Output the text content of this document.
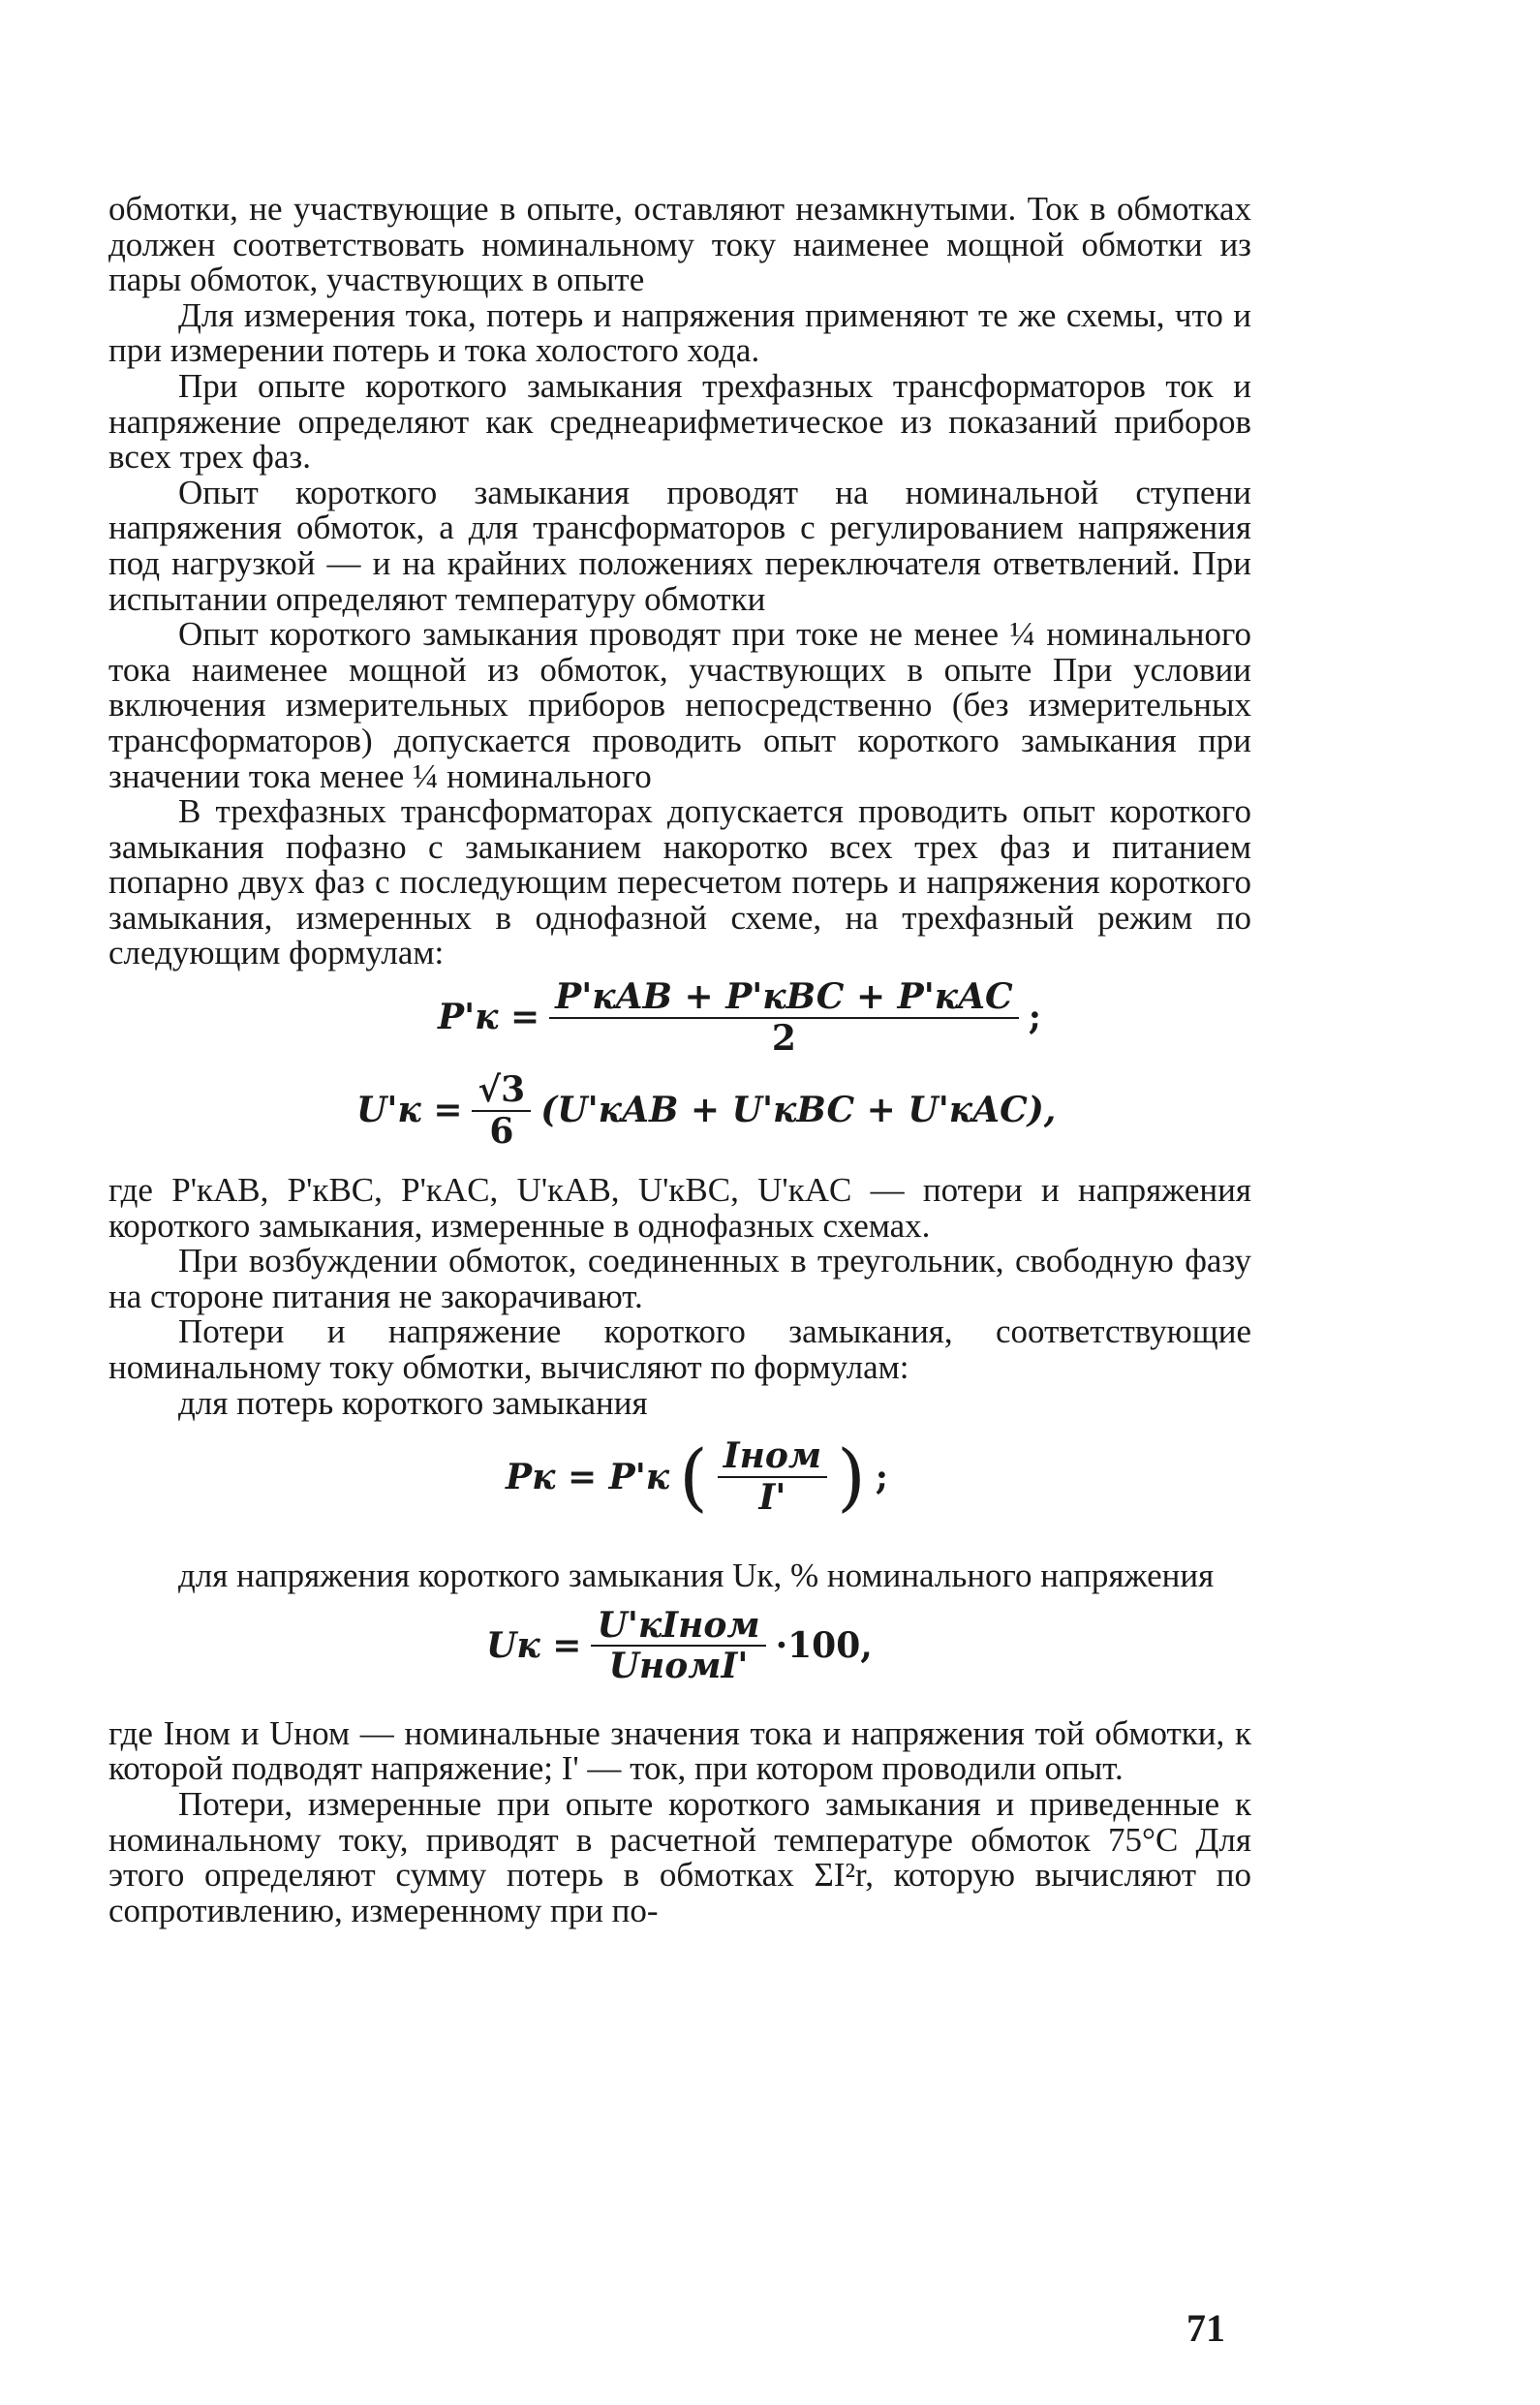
обмотки, не участвующие в опыте, оставляют незамкнутыми. Ток в обмотках должен соответствовать номинальному току наименее мощной обмотки из пары обмоток, участвующих в опыте

Для измерения тока, потерь и напряжения применяют те же схемы, что и при измерении потерь и тока холостого хода.

При опыте короткого замыкания трехфазных трансформаторов ток и напряжение определяют как среднеарифметическое из показаний приборов всех трех фаз.

Опыт короткого замыкания проводят на номинальной ступени напряжения обмоток, а для трансформаторов с регулированием напряжения под нагрузкой — и на крайних положениях переключателя ответвлений. При испытании определяют температуру обмотки

Опыт короткого замыкания проводят при токе не менее ¼ номинального тока наименее мощной из обмоток, участвующих в опыте При условии включения измерительных приборов непосредственно (без измерительных трансформаторов) допускается проводить опыт короткого замыкания при значении тока менее ¼ номинального

В трехфазных трансформаторах допускается проводить опыт короткого замыкания пофазно с замыканием накоротко всех трех фаз и питанием попарно двух фаз с последующим пересчетом потерь и напряжения короткого замыкания, измеренных в однофазной схеме, на трехфазный режим по следующим формулам:

$P'к = \frac{\text{P'кAB + P'кBC + P'кAC}}{2}$ ;
$U'к = \frac{√3}{6} (U'кAB + U'кBC + U'кAC)$,

где P'кAB, P'кBC, P'кAC, U'кAB, U'кBC, U'кAC — потери и напряжения короткого замыкания, измеренные в однофазных схемах.

При возбуждении обмоток, соединенных в треугольник, свободную фазу на стороне питания не закорачивают.

Потери и напряжение короткого замыкания, соответствующие номинальному току обмотки, вычисляют по формулам:

для потерь короткого замыкания

Pк = P'к ( $\frac{\text{Iном}}{I'}$ ) ;

для напряжения короткого замыкания Uк, % номинального напряжения

Uк = $\frac{\text{U'кIном}}{\text{UномI'}} \cdot 100$,

где Iном и Uном — номинальные значения тока и напряжения той обмотки, к которой подводят напряжение; I' — ток, при котором проводили опыт.

Потери, измеренные при опыте короткого замыкания и приведенные к номинальному току, приводят в расчетной температуре обмоток 75°С Для этого определяют сумму потерь в обмотках ΣI²r, которую вычисляют по сопротивлению, измеренному при по-

71
